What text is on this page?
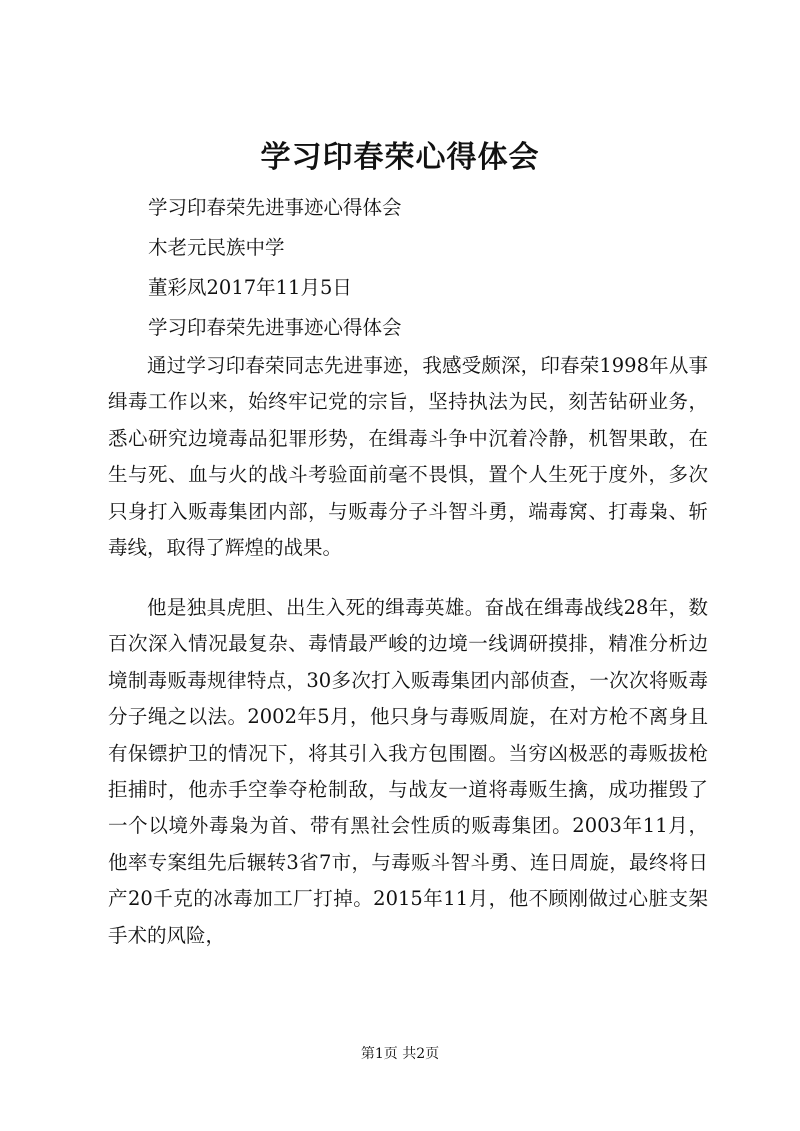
学习印春荣心得体会
学习印春荣先进事迹心得体会
木老元民族中学
董彩凤2017年11月5日
学习印春荣先进事迹心得体会

通过学习印春荣同志先进事迹，我感受颇深，印春荣1998年从事缉毒工作以来，始终牢记党的宗旨，坚持执法为民，刻苦钻研业务，悉心研究边境毒品犯罪形势，在缉毒斗争中沉着冷静，机智果敢，在生与死、血与火的战斗考验面前毫不畏惧，置个人生死于度外，多次只身打入贩毒集团内部，与贩毒分子斗智斗勇，端毒窝、打毒枭、斩毒线，取得了辉煌的战果。

他是独具虎胆、出生入死的缉毒英雄。奋战在缉毒战线28年，数百次深入情况最复杂、毒情最严峻的边境一线调研摸排，精准分析边境制毒贩毒规律特点，30多次打入贩毒集团内部侦查，一次次将贩毒分子绳之以法。2002年5月，他只身与毒贩周旋，在对方枪不离身且有保镖护卫的情况下，将其引入我方包围圈。当穷凶极恶的毒贩拔枪拒捕时，他赤手空拳夺枪制敌，与战友一道将毒贩生擒，成功摧毁了一个以境外毒枭为首、带有黑社会性质的贩毒集团。2003年11月，他率专案组先后辗转3省7市，与毒贩斗智斗勇、连日周旋，最终将日产20千克的冰毒加工厂打掉。2015年11月，他不顾刚做过心脏支架手术的风险，

第1页 共2页
